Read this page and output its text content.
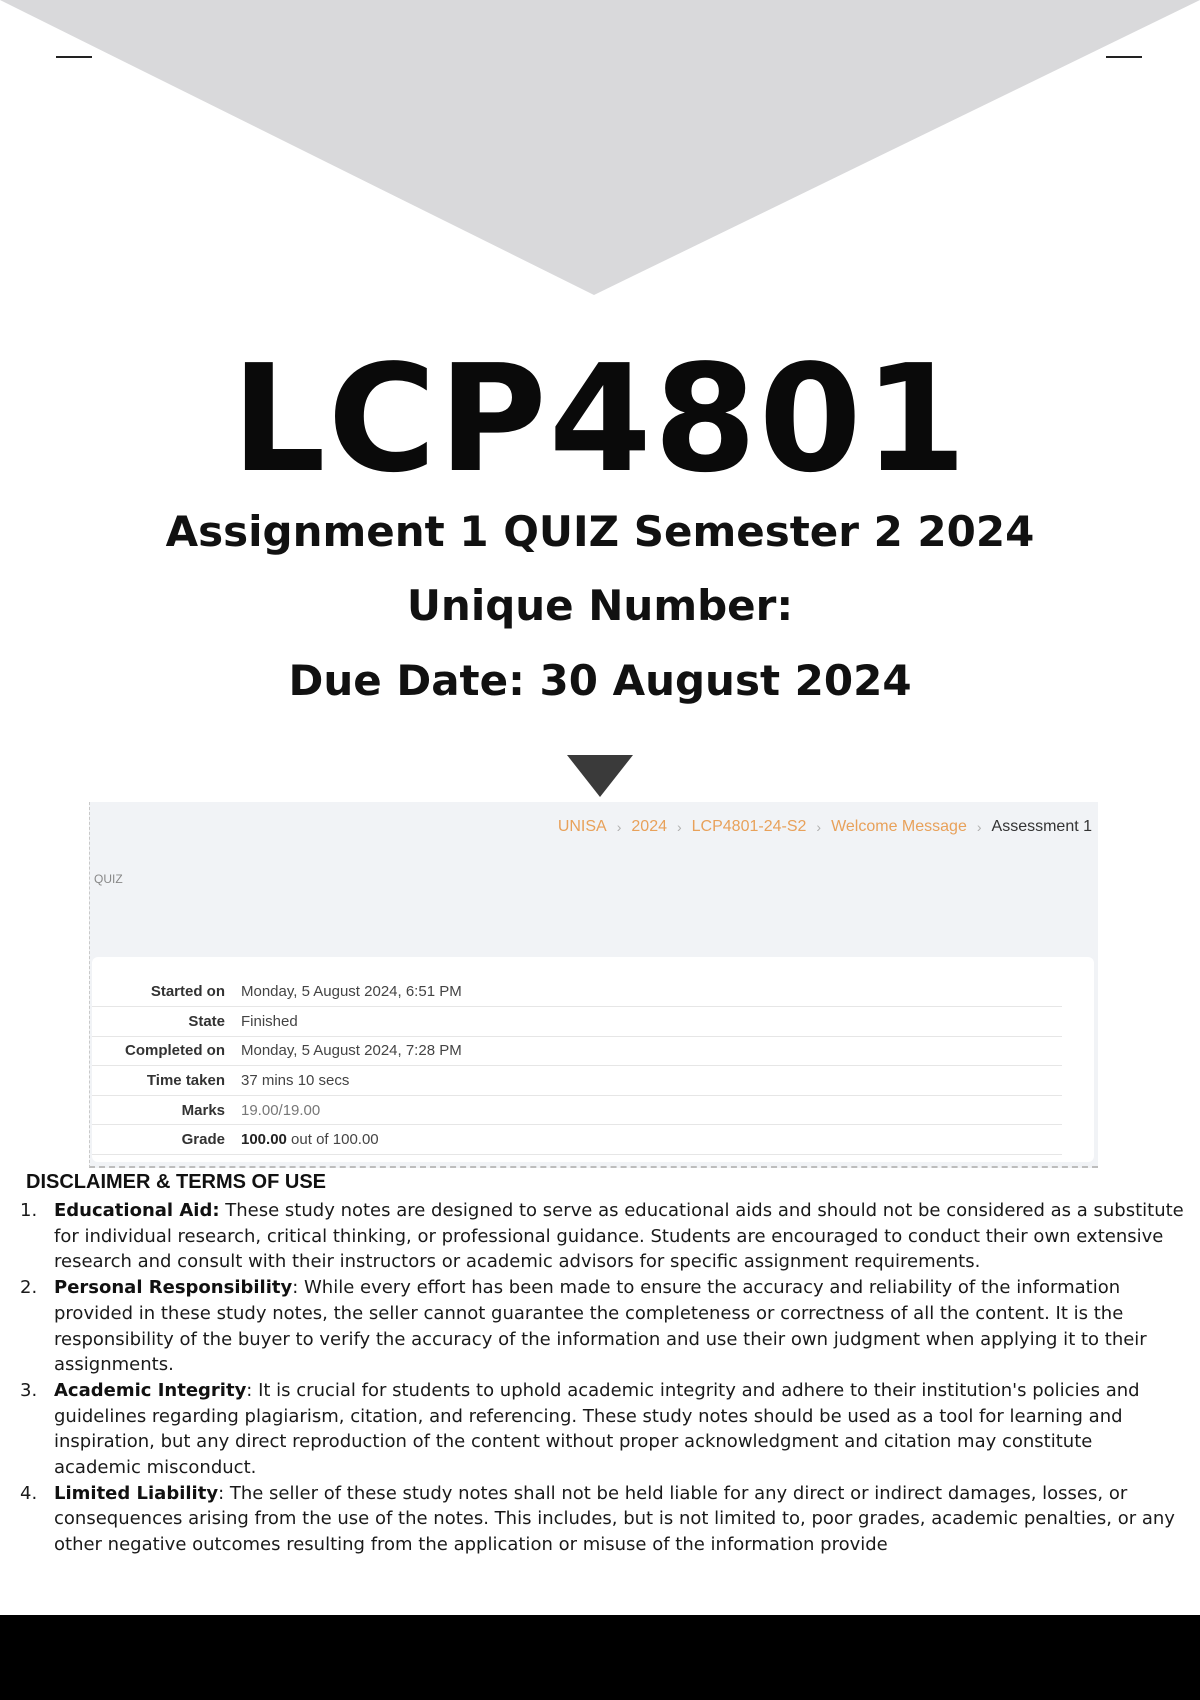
LCP4801
Assignment 1 QUIZ Semester 2 2024
Unique Number:
Due Date: 30 August 2024
UNISA › 2024 › LCP4801-24-S2 › Welcome Message › Assessment 1
QUIZ
Started on	Monday, 5 August 2024, 6:51 PM
State	Finished
Completed on	Monday, 5 August 2024, 7:28 PM
Time taken	37 mins 10 secs
Marks	19.00/19.00
Grade	100.00 out of 100.00
DISCLAIMER & TERMS OF USE
1. Educational Aid: These study notes are designed to serve as educational aids and should not be considered as a substitute for individual research, critical thinking, or professional guidance. Students are encouraged to conduct their own extensive research and consult with their instructors or academic advisors for specific assignment requirements.
2. Personal Responsibility: While every effort has been made to ensure the accuracy and reliability of the information provided in these study notes, the seller cannot guarantee the completeness or correctness of all the content. It is the responsibility of the buyer to verify the accuracy of the information and use their own judgment when applying it to their assignments.
3. Academic Integrity: It is crucial for students to uphold academic integrity and adhere to their institution's policies and guidelines regarding plagiarism, citation, and referencing. These study notes should be used as a tool for learning and inspiration, but any direct reproduction of the content without proper acknowledgment and citation may constitute academic misconduct.
4. Limited Liability: The seller of these study notes shall not be held liable for any direct or indirect damages, losses, or consequences arising from the use of the notes. This includes, but is not limited to, poor grades, academic penalties, or any other negative outcomes resulting from the application or misuse of the information provide
